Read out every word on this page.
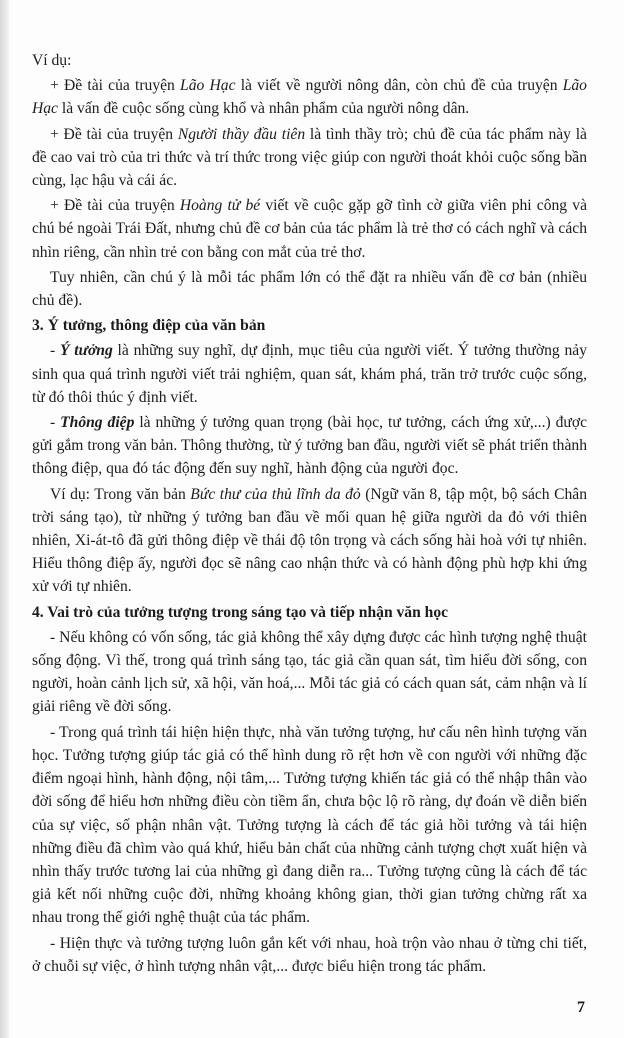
Ví dụ:

+ Đề tài của truyện Lão Hạc là viết về người nông dân, còn chủ đề của truyện Lão Hạc là vấn đề cuộc sống cùng khổ và nhân phẩm của người nông dân.

+ Đề tài của truyện Người thầy đầu tiên là tình thầy trò; chủ đề của tác phẩm này là đề cao vai trò của tri thức và trí thức trong việc giúp con người thoát khỏi cuộc sống bần cùng, lạc hậu và cái ác.

+ Đề tài của truyện Hoàng tử bé viết về cuộc gặp gỡ tình cờ giữa viên phi công và chú bé ngoài Trái Đất, nhưng chủ đề cơ bản của tác phẩm là trẻ thơ có cách nghĩ và cách nhìn riêng, cần nhìn trẻ con bằng con mắt của trẻ thơ.

Tuy nhiên, cần chú ý là mỗi tác phẩm lớn có thể đặt ra nhiều vấn đề cơ bản (nhiều chủ đề).

3. Ý tưởng, thông điệp của văn bản

- Ý tưởng là những suy nghĩ, dự định, mục tiêu của người viết. Ý tưởng thường nảy sinh qua quá trình người viết trải nghiệm, quan sát, khám phá, trăn trở trước cuộc sống, từ đó thôi thúc ý định viết.

- Thông điệp là những ý tưởng quan trọng (bài học, tư tưởng, cách ứng xử,...) được gửi gắm trong văn bản. Thông thường, từ ý tưởng ban đầu, người viết sẽ phát triển thành thông điệp, qua đó tác động đến suy nghĩ, hành động của người đọc.

Ví dụ: Trong văn bản Bức thư của thủ lĩnh da đỏ (Ngữ văn 8, tập một, bộ sách Chân trời sáng tạo), từ những ý tưởng ban đầu về mối quan hệ giữa người da đỏ với thiên nhiên, Xi-át-tô đã gửi thông điệp về thái độ tôn trọng và cách sống hài hoà với tự nhiên. Hiểu thông điệp ấy, người đọc sẽ nâng cao nhận thức và có hành động phù hợp khi ứng xử với tự nhiên.

4. Vai trò của tưởng tượng trong sáng tạo và tiếp nhận văn học

- Nếu không có vốn sống, tác giả không thể xây dựng được các hình tượng nghệ thuật sống động. Vì thế, trong quá trình sáng tạo, tác giả cần quan sát, tìm hiểu đời sống, con người, hoàn cảnh lịch sử, xã hội, văn hoá,... Mỗi tác giả có cách quan sát, cảm nhận và lí giải riêng về đời sống.

- Trong quá trình tái hiện hiện thực, nhà văn tưởng tượng, hư cấu nên hình tượng văn học. Tưởng tượng giúp tác giả có thể hình dung rõ rệt hơn về con người với những đặc điểm ngoại hình, hành động, nội tâm,... Tưởng tượng khiến tác giả có thể nhập thân vào đời sống để hiểu hơn những điều còn tiềm ẩn, chưa bộc lộ rõ ràng, dự đoán về diễn biến của sự việc, số phận nhân vật. Tưởng tượng là cách để tác giả hồi tưởng và tái hiện những điều đã chìm vào quá khứ, hiểu bản chất của những cảnh tượng chợt xuất hiện và nhìn thấy trước tương lai của những gì đang diễn ra... Tưởng tượng cũng là cách để tác giả kết nối những cuộc đời, những khoảng không gian, thời gian tưởng chừng rất xa nhau trong thế giới nghệ thuật của tác phẩm.

- Hiện thực và tưởng tượng luôn gắn kết với nhau, hoà trộn vào nhau ở từng chi tiết, ở chuỗi sự việc, ở hình tượng nhân vật,... được biểu hiện trong tác phẩm.

7
